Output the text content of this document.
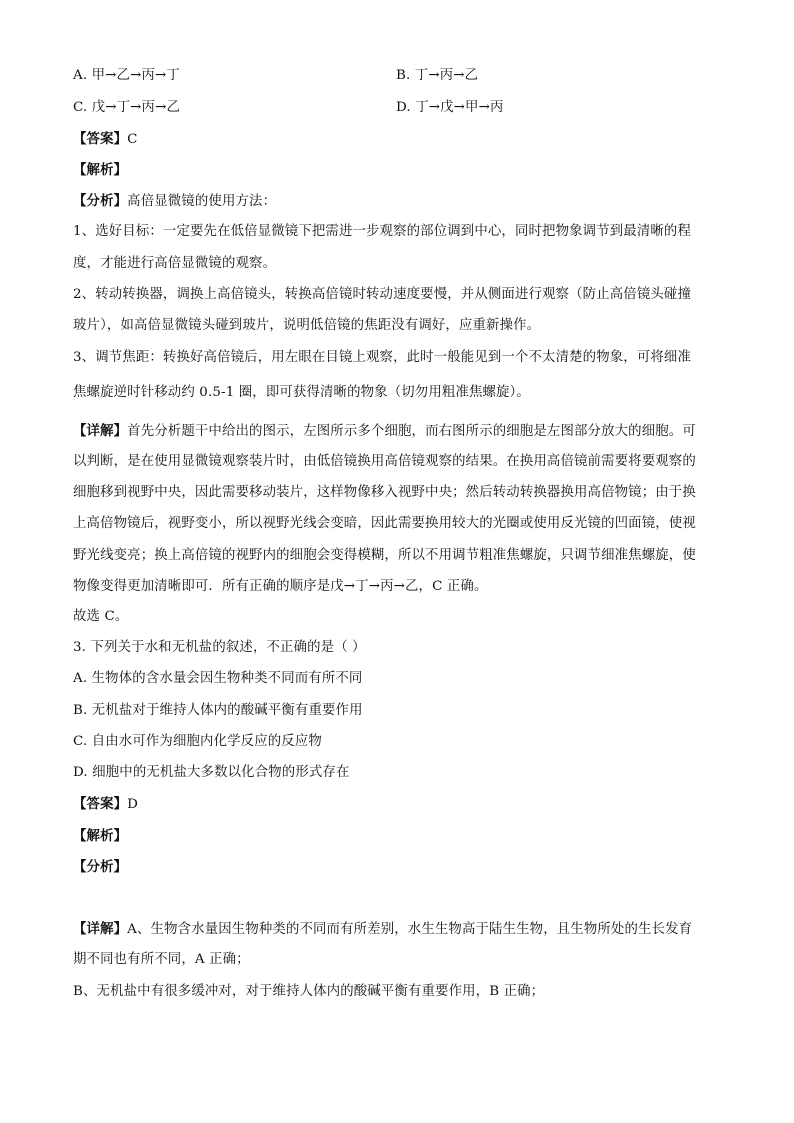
A. 甲→乙→丙→丁	B. 丁→丙→乙
C. 戊→丁→丙→乙	D. 丁→戊→甲→丙
【答案】C
【解析】
【分析】高倍显微镜的使用方法：
1、选好目标：一定要先在低倍显微镜下把需进一步观察的部位调到中心，同时把物象调节到最清晰的程
度，才能进行高倍显微镜的观察。
2、转动转换器，调换上高倍镜头，转换高倍镜时转动速度要慢，并从侧面进行观察（防止高倍镜头碰撞
玻片），如高倍显微镜头碰到玻片，说明低倍镜的焦距没有调好，应重新操作。
3、调节焦距：转换好高倍镜后，用左眼在目镜上观察，此时一般能见到一个不太清楚的物象，可将细准
焦螺旋逆时针移动约 0.5-1 圈，即可获得清晰的物象（切勿用粗准焦螺旋）。
【详解】首先分析题干中给出的图示，左图所示多个细胞，而右图所示的细胞是左图部分放大的细胞。可
以判断，是在使用显微镜观察装片时，由低倍镜换用高倍镜观察的结果。在换用高倍镜前需要将要观察的
细胞移到视野中央，因此需要移动装片，这样物像移入视野中央；然后转动转换器换用高倍物镜；由于换
上高倍物镜后，视野变小，所以视野光线会变暗，因此需要换用较大的光圈或使用反光镜的凹面镜，使视
野光线变亮；换上高倍镜的视野内的细胞会变得模糊，所以不用调节粗准焦螺旋，只调节细准焦螺旋，使
物像变得更加清晰即可．所有正确的顺序是戊→丁→丙→乙，C 正确。
故选 C。
3. 下列关于水和无机盐的叙述，不正确的是（ ）
A. 生物体的含水量会因生物种类不同而有所不同
B. 无机盐对于维持人体内的酸碱平衡有重要作用
C. 自由水可作为细胞内化学反应的反应物
D. 细胞中的无机盐大多数以化合物的形式存在
【答案】D
【解析】
【分析】
【详解】A、生物含水量因生物种类的不同而有所差别，水生生物高于陆生生物，且生物所处的生长发育
期不同也有所不同，A 正确；
B、无机盐中有很多缓冲对，对于维持人体内的酸碱平衡有重要作用，B 正确；
